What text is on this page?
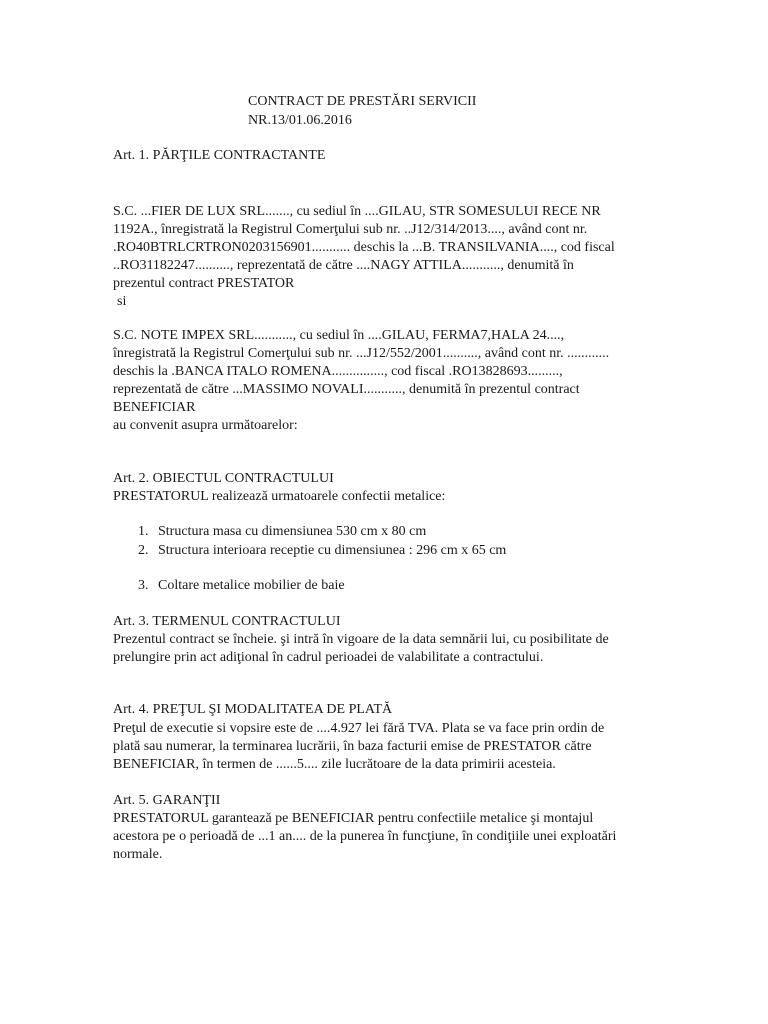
CONTRACT DE PRESTĂRI SERVICII
NR.13/01.06.2016
Art. 1. PĂRŢILE CONTRACTANTE
S.C. ...FIER DE LUX SRL......., cu sediul în ....GILAU, STR SOMESULUI RECE NR
1192A., înregistrată la Registrul Comerţului sub nr. ..J12/314/2013...., având cont nr.
.RO40BTRLCRTRON0203156901........... deschis la ...B. TRANSILVANIA...., cod fiscal
..RO31182247.........., reprezentată de către ....NAGY ATTILA..........., denumită în
prezentul contract PRESTATOR
si
S.C. NOTE IMPEX SRL..........., cu sediul în ....GILAU, FERMA7,HALA 24....,
înregistrată la Registrul Comerţului sub nr. ...J12/552/2001.........., având cont nr. ............
deschis la .BANCA ITALO ROMENA..............., cod fiscal .RO13828693.........,
reprezentată de către ...MASSIMO NOVALI..........., denumită în prezentul contract
BENEFICIAR
au convenit asupra următoarelor:
Art. 2. OBIECTUL CONTRACTULUI
PRESTATORUL realizează urmatoarele confectii metalice:
1. Structura masa cu dimensiunea 530 cm x 80 cm
2. Structura interioara receptie cu dimensiunea : 296 cm x 65 cm
3. Coltare metalice mobilier de baie
Art. 3. TERMENUL CONTRACTULUI
Prezentul contract se încheie. şi intră în vigoare de la data semnării lui, cu posibilitate de
prelungire prin act adiţional în cadrul perioadei de valabilitate a contractului.
Art. 4. PREŢUL ŞI MODALITATEA DE PLATĂ
Preţul de executie si vopsire este de ....4.927 lei fără TVA. Plata se va face prin ordin de
plată sau numerar, la terminarea lucrării, în baza facturii emise de PRESTATOR către
BENEFICIAR, în termen de ......5.... zile lucrătoare de la data primirii acesteia.
Art. 5. GARANŢII
PRESTATORUL garantează pe BENEFICIAR pentru confectiile metalice şi montajul
acestora pe o perioadă de ...1 an.... de la punerea în funcţiune, în condiţiile unei exploatări
normale.
